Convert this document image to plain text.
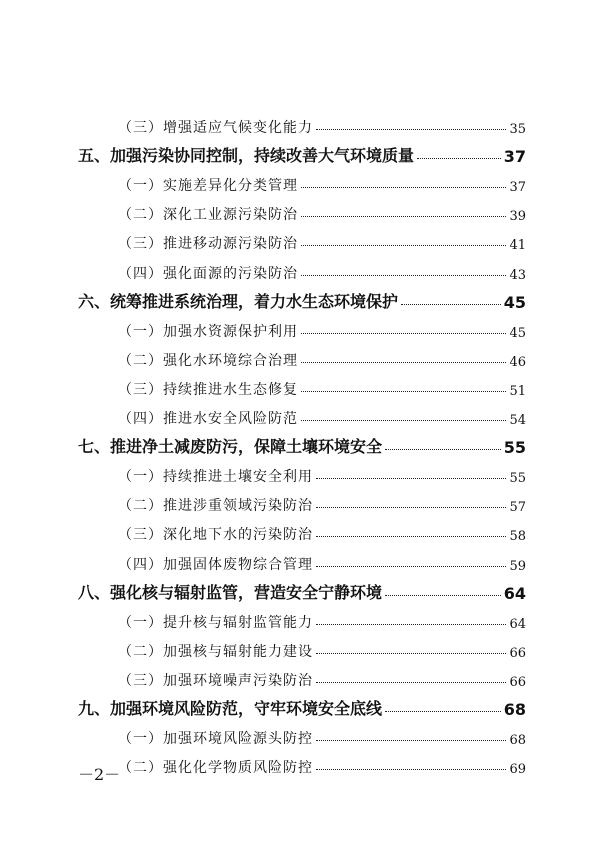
（三）增强适应气候变化能力	35
五、加强污染协同控制，持续改善大气环境质量	37
（一）实施差异化分类管理	37
（二）深化工业源污染防治	39
（三）推进移动源污染防治	41
（四）强化面源的污染防治	43
六、统筹推进系统治理，着力水生态环境保护	45
（一）加强水资源保护利用	45
（二）强化水环境综合治理	46
（三）持续推进水生态修复	51
（四）推进水安全风险防范	54
七、推进净土减废防污，保障土壤环境安全	55
（一）持续推进土壤安全利用	55
（二）推进涉重领域污染防治	57
（三）深化地下水的污染防治	58
（四）加强固体废物综合管理	59
八、强化核与辐射监管，营造安全宁静环境	64
（一）提升核与辐射监管能力	64
（二）加强核与辐射能力建设	66
（三）加强环境噪声污染防治	66
九、加强环境风险防范，守牢环境安全底线	68
（一）加强环境风险源头防控	68
（二）强化化学物质风险防控	69
－2－
